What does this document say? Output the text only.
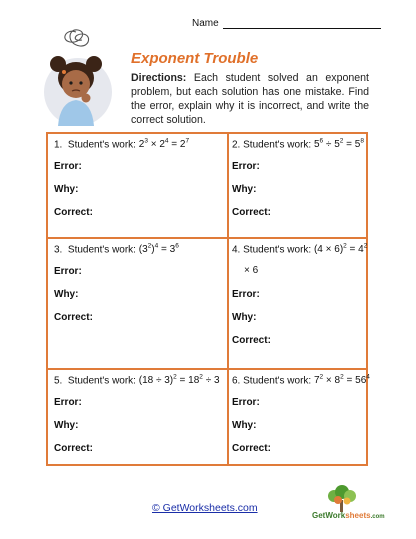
Name
Exponent Trouble
Directions: Each student solved an exponent problem, but each solution has one mistake. Find the error, explain why it is incorrect, and write the correct solution.
1. Student's work: $2^3 \times 2^4 = 2^7$
Error:
Why:
Correct:
2. Student's work: $5^6 \div 5^2 = 5^8$
Error:
Why:
Correct:
3. Student's work: $(3^2)^4 = 3^6$
Error:
Why:
Correct:
4. Student's work: $(4 \times 6)^2 = 4^2$
× 6
Error:
Why:
Correct:
5. Student's work: $(18 \div 3)^2 = 18^2 \div 3$
Error:
Why:
Correct:
6. Student's work: $7^2 \times 8^2 = 56^4$
Error:
Why:
Correct:
© GetWorksheets.com
GetWorksheets.com
